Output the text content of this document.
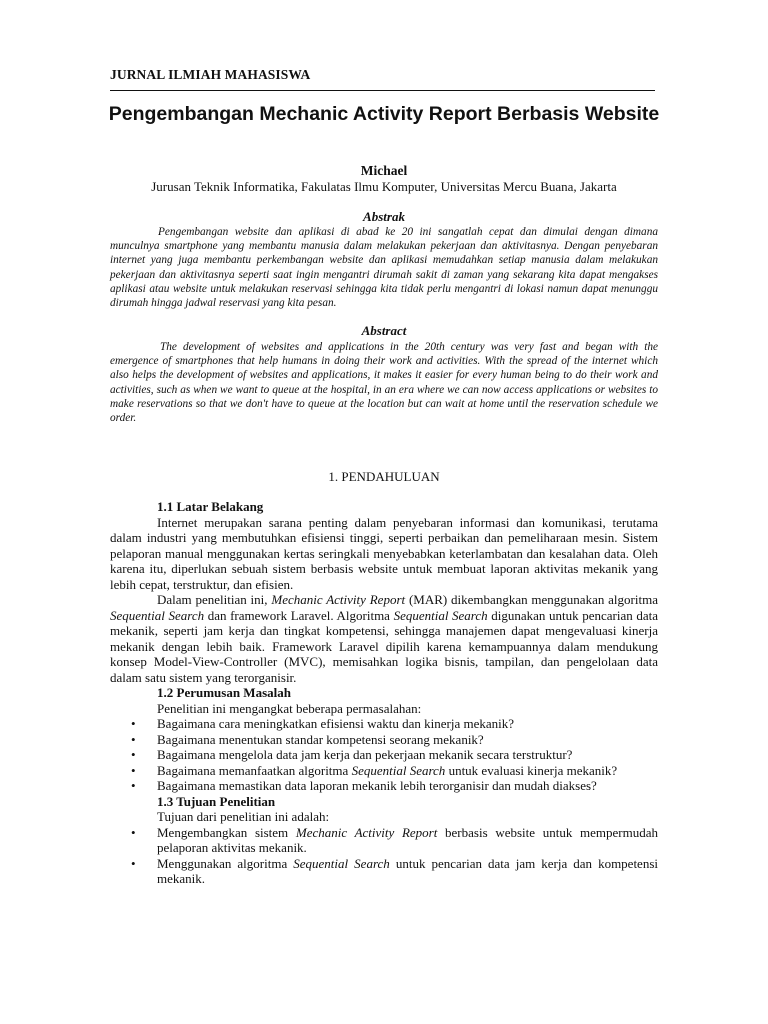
JURNAL ILMIAH MAHASISWA
Pengembangan Mechanic Activity Report Berbasis Website
Michael
Jurusan Teknik Informatika, Fakulatas Ilmu Komputer, Universitas Mercu Buana, Jakarta
Abstrak

Pengembangan website dan aplikasi di abad ke 20 ini sangatlah cepat dan dimulai dengan dimana munculnya smartphone yang membantu manusia dalam melakukan pekerjaan dan aktivitasnya. Dengan penyebaran internet yang juga membantu perkembangan website dan aplikasi memudahkan setiap manusia dalam melakukan pekerjaan dan aktivitasnya seperti saat ingin mengantri dirumah sakit di zaman yang sekarang kita dapat mengakses aplikasi atau website untuk melakukan reservasi sehingga kita tidak perlu mengantri di lokasi namun dapat menunggu dirumah hingga jadwal reservasi yang kita pesan.

Abstract

The development of websites and applications in the 20th century was very fast and began with the emergence of smartphones that help humans in doing their work and activities. With the spread of the internet which also helps the development of websites and applications, it makes it easier for every human being to do their work and activities, such as when we want to queue at the hospital, in an era where we can now access applications or websites to make reservations so that we don't have to queue at the location but can wait at home until the reservation schedule we order.

1. PENDAHULUAN

1.1 Latar Belakang

Internet merupakan sarana penting dalam penyebaran informasi dan komunikasi, terutama dalam industri yang membutuhkan efisiensi tinggi, seperti perbaikan dan pemeliharaan mesin. Sistem pelaporan manual menggunakan kertas seringkali menyebabkan keterlambatan dan kesalahan data. Oleh karena itu, diperlukan sebuah sistem berbasis website untuk membuat laporan aktivitas mekanik yang lebih cepat, terstruktur, dan efisien.

Dalam penelitian ini, Mechanic Activity Report (MAR) dikembangkan menggunakan algoritma Sequential Search dan framework Laravel. Algoritma Sequential Search digunakan untuk pencarian data mekanik, seperti jam kerja dan tingkat kompetensi, sehingga manajemen dapat mengevaluasi kinerja mekanik dengan lebih baik. Framework Laravel dipilih karena kemampuannya dalam mendukung konsep Model-View-Controller (MVC), memisahkan logika bisnis, tampilan, dan pengelolaan data dalam satu sistem yang terorganisir.

1.2 Perumusan Masalah

Penelitian ini mengangkat beberapa permasalahan:

• Bagaimana cara meningkatkan efisiensi waktu dan kinerja mekanik?
• Bagaimana menentukan standar kompetensi seorang mekanik?
• Bagaimana mengelola data jam kerja dan pekerjaan mekanik secara terstruktur?
• Bagaimana memanfaatkan algoritma Sequential Search untuk evaluasi kinerja mekanik?
• Bagaimana memastikan data laporan mekanik lebih terorganisir dan mudah diakses?

1.3 Tujuan Penelitian

Tujuan dari penelitian ini adalah:

• Mengembangkan sistem Mechanic Activity Report berbasis website untuk mempermudah pelaporan aktivitas mekanik.
• Menggunakan algoritma Sequential Search untuk pencarian data jam kerja dan kompetensi mekanik.
